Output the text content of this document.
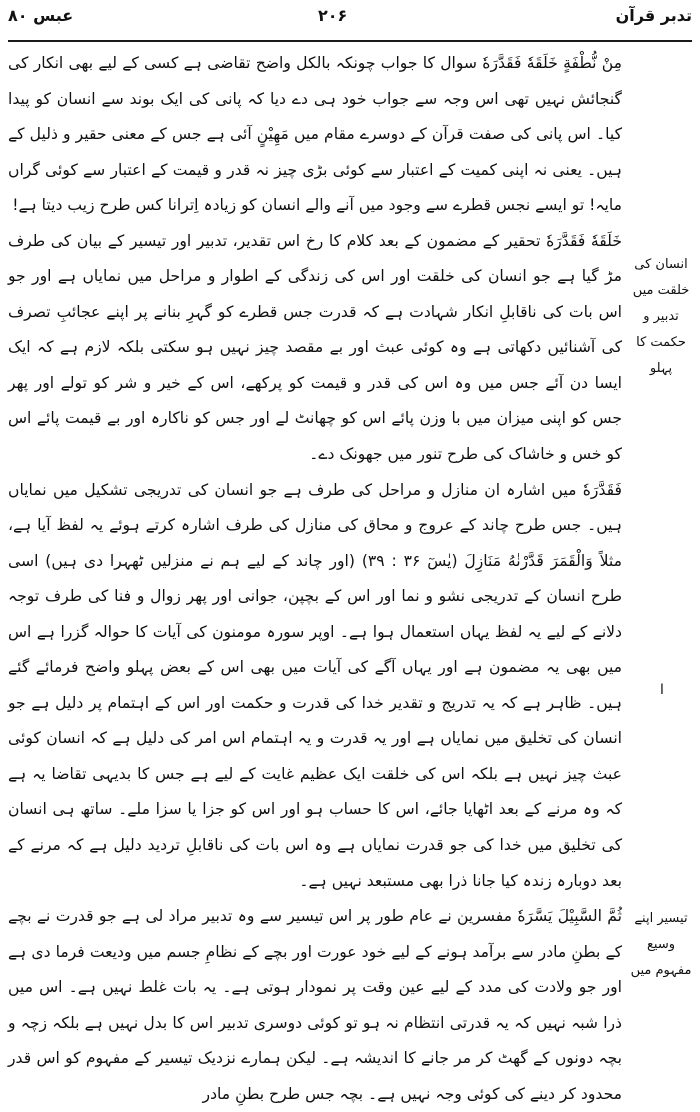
تدبر قرآن
۲۰۶
عبس ۸۰
انسان کی خلقت میں تدبیر و حکمت کا پہلو
تیسیر اپنے وسیع مفہوم میں
ا

مِنْ نُّطْفَةٍ خَلَقَهٗ فَقَدَّرَهٗ سوال کا جواب چونکہ بالکل واضح تقاضی ہے کسی کے لیے بھی انکار کی گنجائش نہیں تھی اس وجہ سے جواب خود ہی دے دیا کہ پانی کی ایک بوند سے انسان کو پیدا کیا۔ اس پانی کی صفت قرآن کے دوسرے مقام میں مَهِيْنٍ آئی ہے جس کے معنی حقیر و ذلیل کے ہیں۔ یعنی نہ اپنی کمیت کے اعتبار سے کوئی بڑی چیز نہ قدر و قیمت کے اعتبار سے کوئی گراں مایہ! تو ایسے نجس قطرے سے وجود میں آنے والے انسان کو زیادہ اِترانا کس طرح زیب دیتا ہے!

خَلَقَهٗ فَقَدَّرَهٗ تحقیر کے مضمون کے بعد کلام کا رخ اس تقدیر، تدبیر اور تیسیر کے بیان کی طرف مڑ گیا ہے جو انسان کی خلقت اور اس کی زندگی کے اطوار و مراحل میں نمایاں ہے اور جو اس بات کی ناقابلِ انکار شہادت ہے کہ قدرت جس قطرے کو گہرِ بنانے پر اپنے عجائبِ تصرف کی آشنائیں دکھاتی ہے وہ کوئی عبث اور بے مقصد چیز نہیں ہو سکتی بلکہ لازم ہے کہ ایک ایسا دن آئے جس میں وہ اس کی قدر و قیمت کو پرکھے، اس کے خیر و شر کو تولے اور پھر جس کو اپنی میزان میں با وزن پائے اس کو چھانٹ لے اور جس کو ناکارہ اور بے قیمت پائے اس کو خس و خاشاک کی طرح تنور میں جھونک دے۔

فَقَدَّرَهٗ میں اشارہ ان منازل و مراحل کی طرف ہے جو انسان کی تدریجی تشکیل میں نمایاں ہیں۔ جس طرح چاند کے عروج و محاق کی منازل کی طرف اشارہ کرتے ہوئے یہ لفظ آیا ہے، مثلاً وَالْقَمَرَ قَدَّرْنٰهُ مَنَازِلَ (یٰسٓ ۳۶ : ۳۹) (اور چاند کے لیے ہم نے منزلیں ٹھہرا دی ہیں) اسی طرح انسان کے تدریجی نشو و نما اور اس کے بچپن، جوانی اور پھر زوال و فنا کی طرف توجہ دلانے کے لیے یہ لفظ یہاں استعمال ہوا ہے۔ اوپر سورہ مومنون کی آیات کا حوالہ گزرا ہے اس میں بھی یہ مضمون ہے اور یہاں آگے کی آیات میں بھی اس کے بعض پہلو واضح فرمائے گئے ہیں۔ ظاہر ہے کہ یہ تدریج و تقدیر خدا کی قدرت و حکمت اور اس کے اہتمام پر دلیل ہے جو انسان کی تخلیق میں نمایاں ہے اور یہ قدرت و یہ اہتمام اس امر کی دلیل ہے کہ انسان کوئی عبث چیز نہیں ہے بلکہ اس کی خلقت ایک عظیم غایت کے لیے ہے جس کا بدیہی تقاضا یہ ہے کہ وہ مرنے کے بعد اٹھایا جائے، اس کا حساب ہو اور اس کو جزا یا سزا ملے۔ ساتھ ہی انسان کی تخلیق میں خدا کی جو قدرت نمایاں ہے وہ اس بات کی ناقابلِ تردید دلیل ہے کہ مرنے کے بعد دوبارہ زندہ کیا جانا ذرا بھی مستبعد نہیں ہے۔

ثُمَّ السَّبِيْلَ يَسَّرَهٗ مفسرین نے عام طور پر اس تیسیر سے وہ تدبیر مراد لی ہے جو قدرت نے بچے کے بطنِ مادر سے برآمد ہونے کے لیے خود عورت اور بچے کے نظامِ جسم میں ودیعت فرما دی ہے اور جو ولادت کی مدد کے لیے عین وقت پر نمودار ہوتی ہے۔ یہ بات غلط نہیں ہے۔ اس میں ذرا شبہ نہیں کہ یہ قدرتی انتظام نہ ہو تو کوئی دوسری تدبیر اس کا بدل نہیں ہے بلکہ زچہ و بچہ دونوں کے گھٹ کر مر جانے کا اندیشہ ہے۔ لیکن ہمارے نزدیک تیسیر کے مفہوم کو اس قدر محدود کر دینے کی کوئی وجہ نہیں ہے۔ بچہ جس طرح بطنِ مادر
